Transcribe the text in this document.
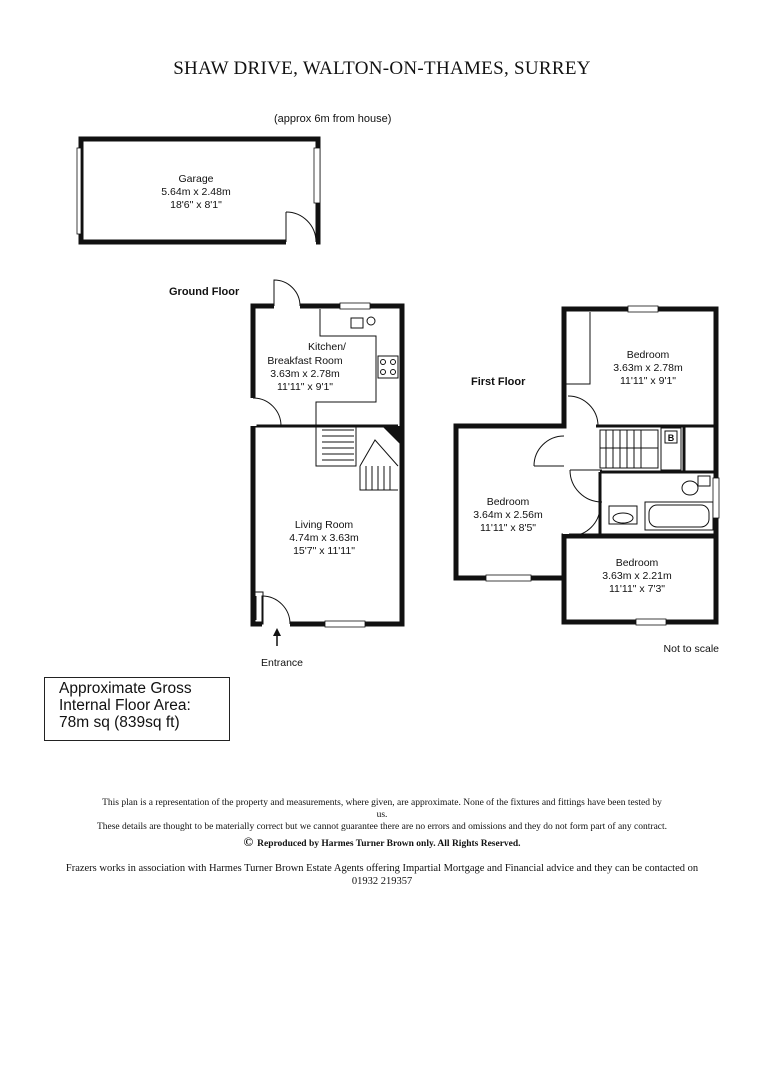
SHAW DRIVE, WALTON-ON-THAMES, SURREY
(approx 6m from house)
Garage
5.64m x 2.48m
18'6" x 8'1"
Ground Floor
Kitchen/
Breakfast Room
3.63m x 2.78m
11'11" x 9'1"
Living Room
4.74m x 3.63m
15'7" x 11'11"
Entrance
First Floor
B
Bedroom
3.63m x 2.78m
11'11" x 9'1"
Bedroom
3.64m x 2.56m
11'11" x 8'5"
Bedroom
3.63m x 2.21m
11'11" x 7'3"
Not to scale
Approximate Gross
Internal Floor Area:
78m sq (839sq ft)
This plan is a representation of the property and measurements, where given, are approximate. None of the fixtures and fittings have been tested by us.
These details are thought to be materially correct but we cannot guarantee there are no errors and omissions and they do not form part of any contract.
© Reproduced by Harmes Turner Brown only. All Rights Reserved.
Frazers works in association with Harmes Turner Brown Estate Agents offering Impartial Mortgage and Financial advice and they can be contacted on 01932 219357
